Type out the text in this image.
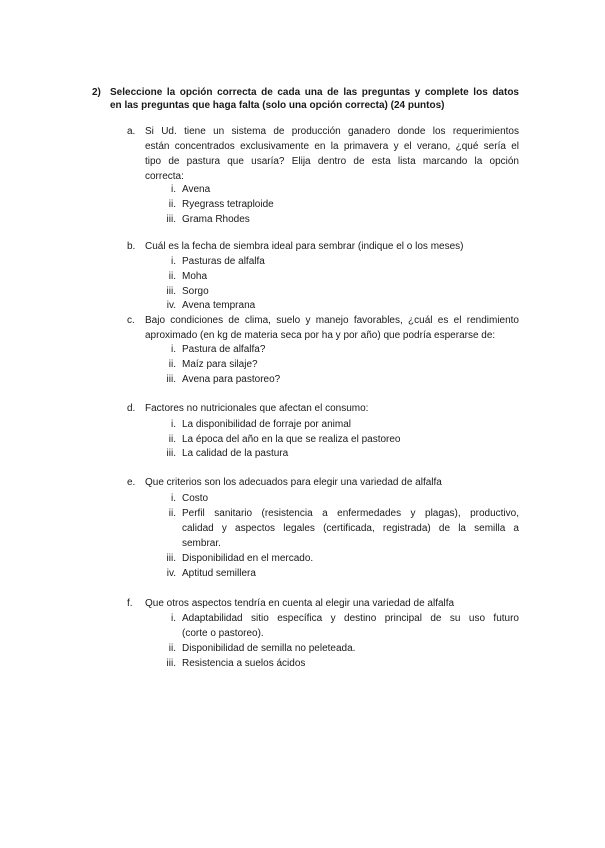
2) Seleccione la opción correcta de cada una de las preguntas y complete los datos
en las preguntas que haga falta (solo una opción correcta) (24 puntos)
a. Si Ud. tiene un sistema de producción ganadero donde los requerimientos
están concentrados exclusivamente en la primavera y el verano, ¿qué sería el
tipo de pastura que usaría? Elija dentro de esta lista marcando la opción
correcta:
i. Avena
ii. Ryegrass tetraploide
iii. Grama Rhodes
b. Cuál es la fecha de siembra ideal para sembrar (indique el o los meses)
i. Pasturas de alfalfa
ii. Moha
iii. Sorgo
iv. Avena temprana
c. Bajo condiciones de clima, suelo y manejo favorables, ¿cuál es el rendimiento
aproximado (en kg de materia seca por ha y por año) que podría esperarse de:
i. Pastura de alfalfa?
ii. Maíz para silaje?
iii. Avena para pastoreo?
d. Factores no nutricionales que afectan el consumo:
i. La disponibilidad de forraje por animal
ii. La época del año en la que se realiza el pastoreo
iii. La calidad de la pastura
e. Que criterios son los adecuados para elegir una variedad de alfalfa
i. Costo
ii. Perfil sanitario (resistencia a enfermedades y plagas), productivo,
calidad y aspectos legales (certificada, registrada) de la semilla a
sembrar.
iii. Disponibilidad en el mercado.
iv. Aptitud semillera
f. Que otros aspectos tendría en cuenta al elegir una variedad de alfalfa
i. Adaptabilidad sitio específica y destino principal de su uso futuro
(corte o pastoreo).
ii. Disponibilidad de semilla no peleteada.
iii. Resistencia a suelos ácidos
